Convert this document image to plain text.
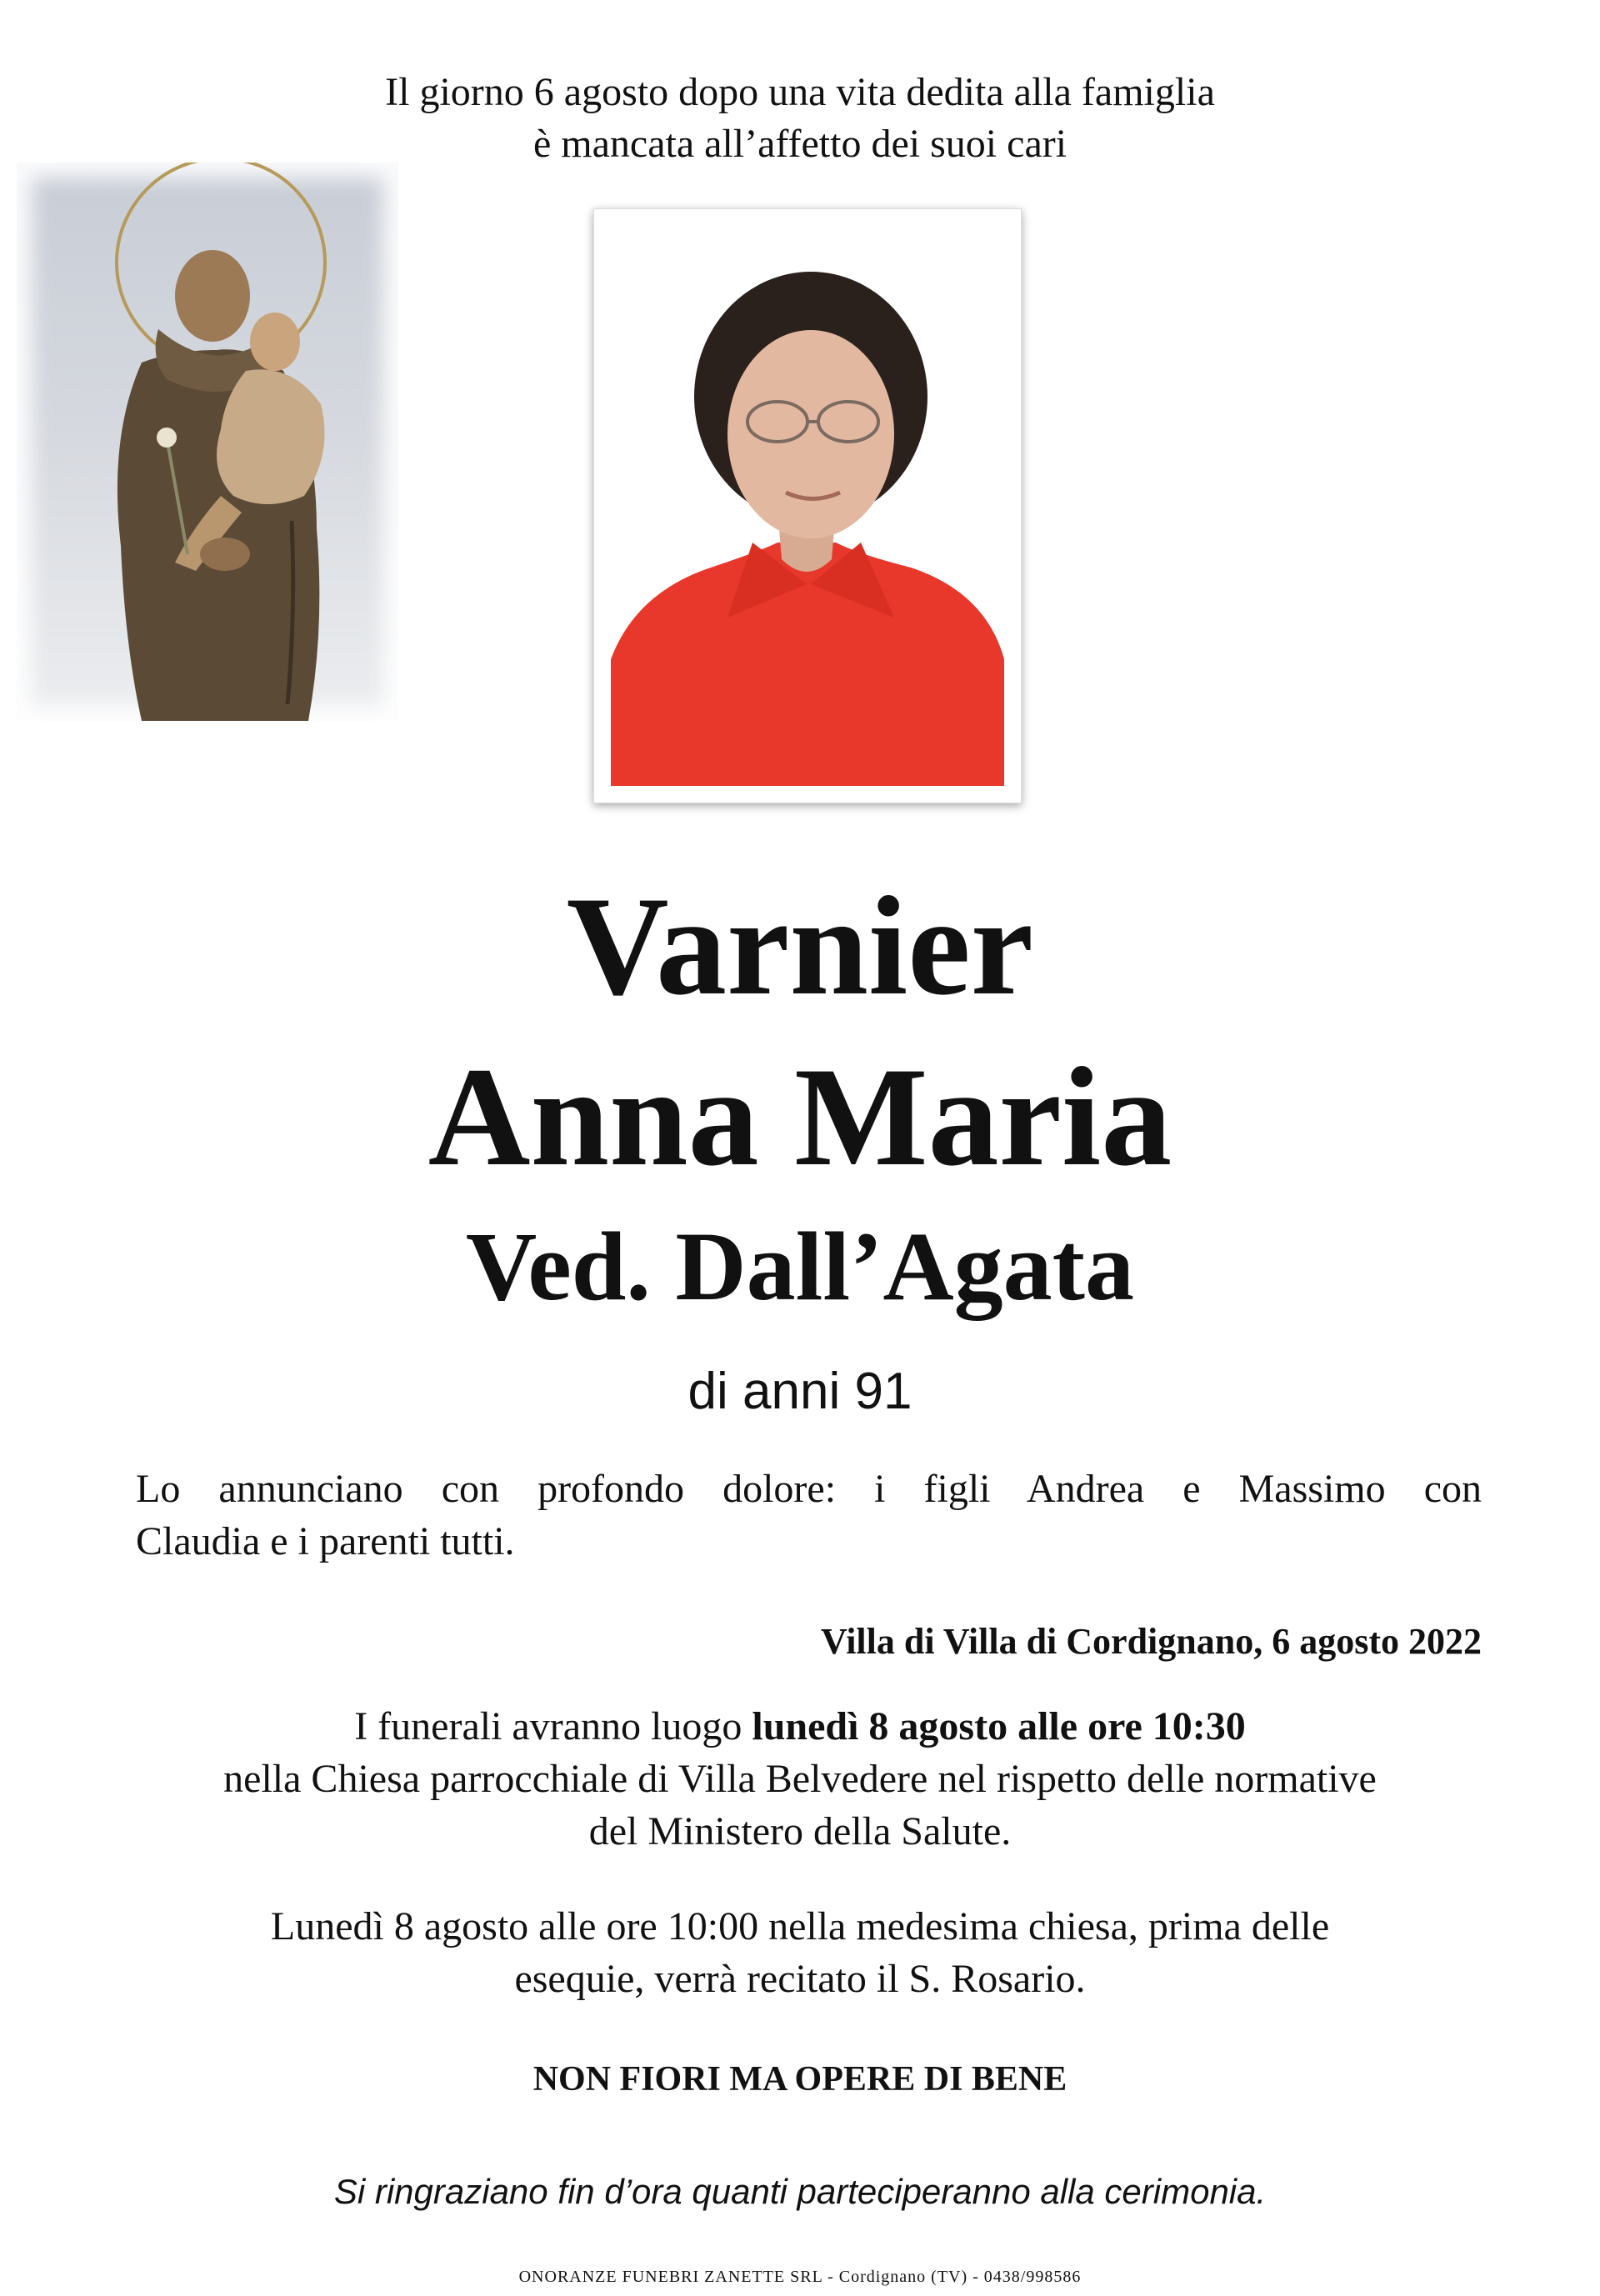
Il giorno 6 agosto dopo una vita dedita alla famiglia
è mancata all’affetto dei suoi cari
Varnier
Anna Maria
Ved. Dall’Agata
di anni 91
Lo annunciano con profondo dolore: i figli Andrea e Massimo con
Claudia e i parenti tutti.
Villa di Villa di Cordignano, 6 agosto 2022
I funerali avranno luogo lunedì 8 agosto alle ore 10:30
nella Chiesa parrocchiale di Villa Belvedere nel rispetto delle normative
del Ministero della Salute.
Lunedì 8 agosto alle ore 10:00 nella medesima chiesa, prima delle
esequie, verrà recitato il S. Rosario.
NON FIORI MA OPERE DI BENE
Si ringraziano fin d’ora quanti parteciperanno alla cerimonia.
ONORANZE FUNEBRI ZANETTE SRL - Cordignano (TV) - 0438/998586
